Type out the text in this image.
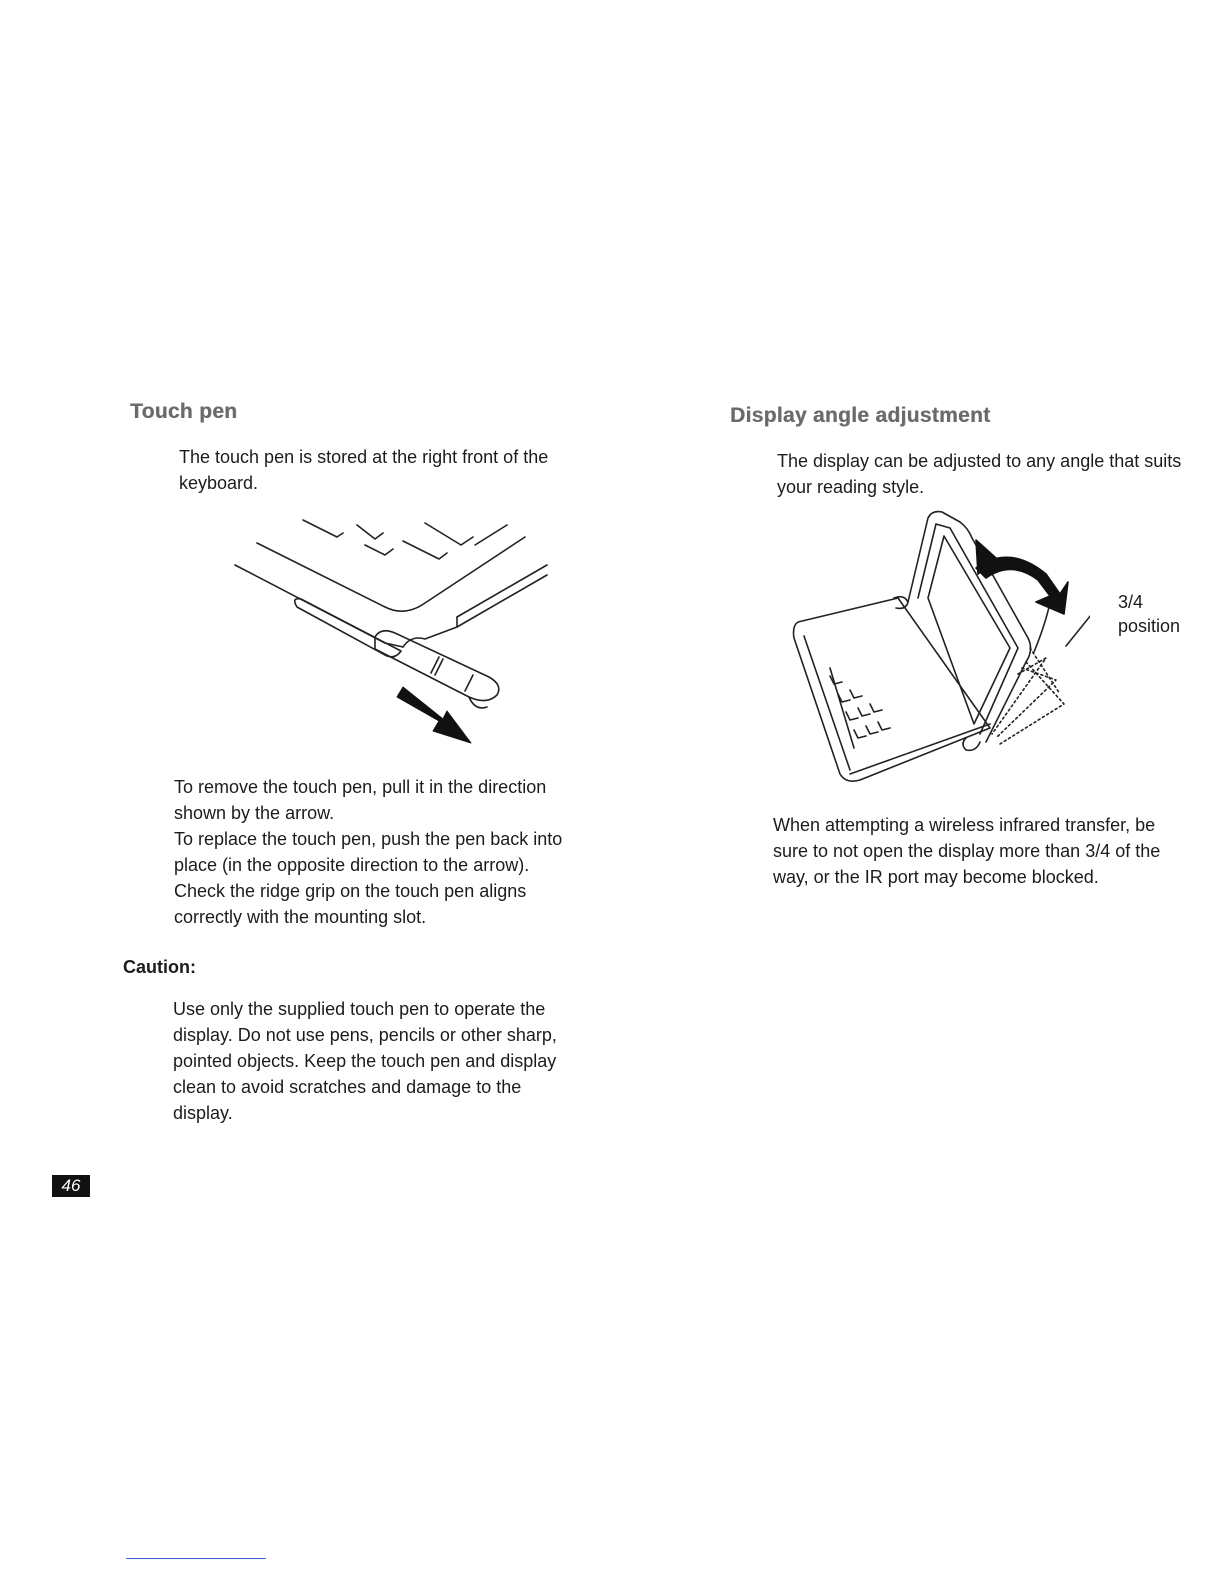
Touch pen
The touch pen is stored at the right front of the
keyboard.
To remove the touch pen, pull it in the direction
shown by the arrow.
To replace the touch pen, push the pen back into
place (in the opposite direction to the arrow).
Check the ridge grip on the touch pen aligns
correctly with the mounting slot.
Caution:
Use only the supplied touch pen to operate the
display. Do not use pens, pencils or other sharp,
pointed objects. Keep the touch pen and display
clean to avoid scratches and damage to the
display.
46
Display angle adjustment
The display can be adjusted to any angle that suits
your reading style.
3/4
position
When attempting a wireless infrared transfer, be
sure to not open the display more than 3/4 of the
way, or the IR port may become blocked.
